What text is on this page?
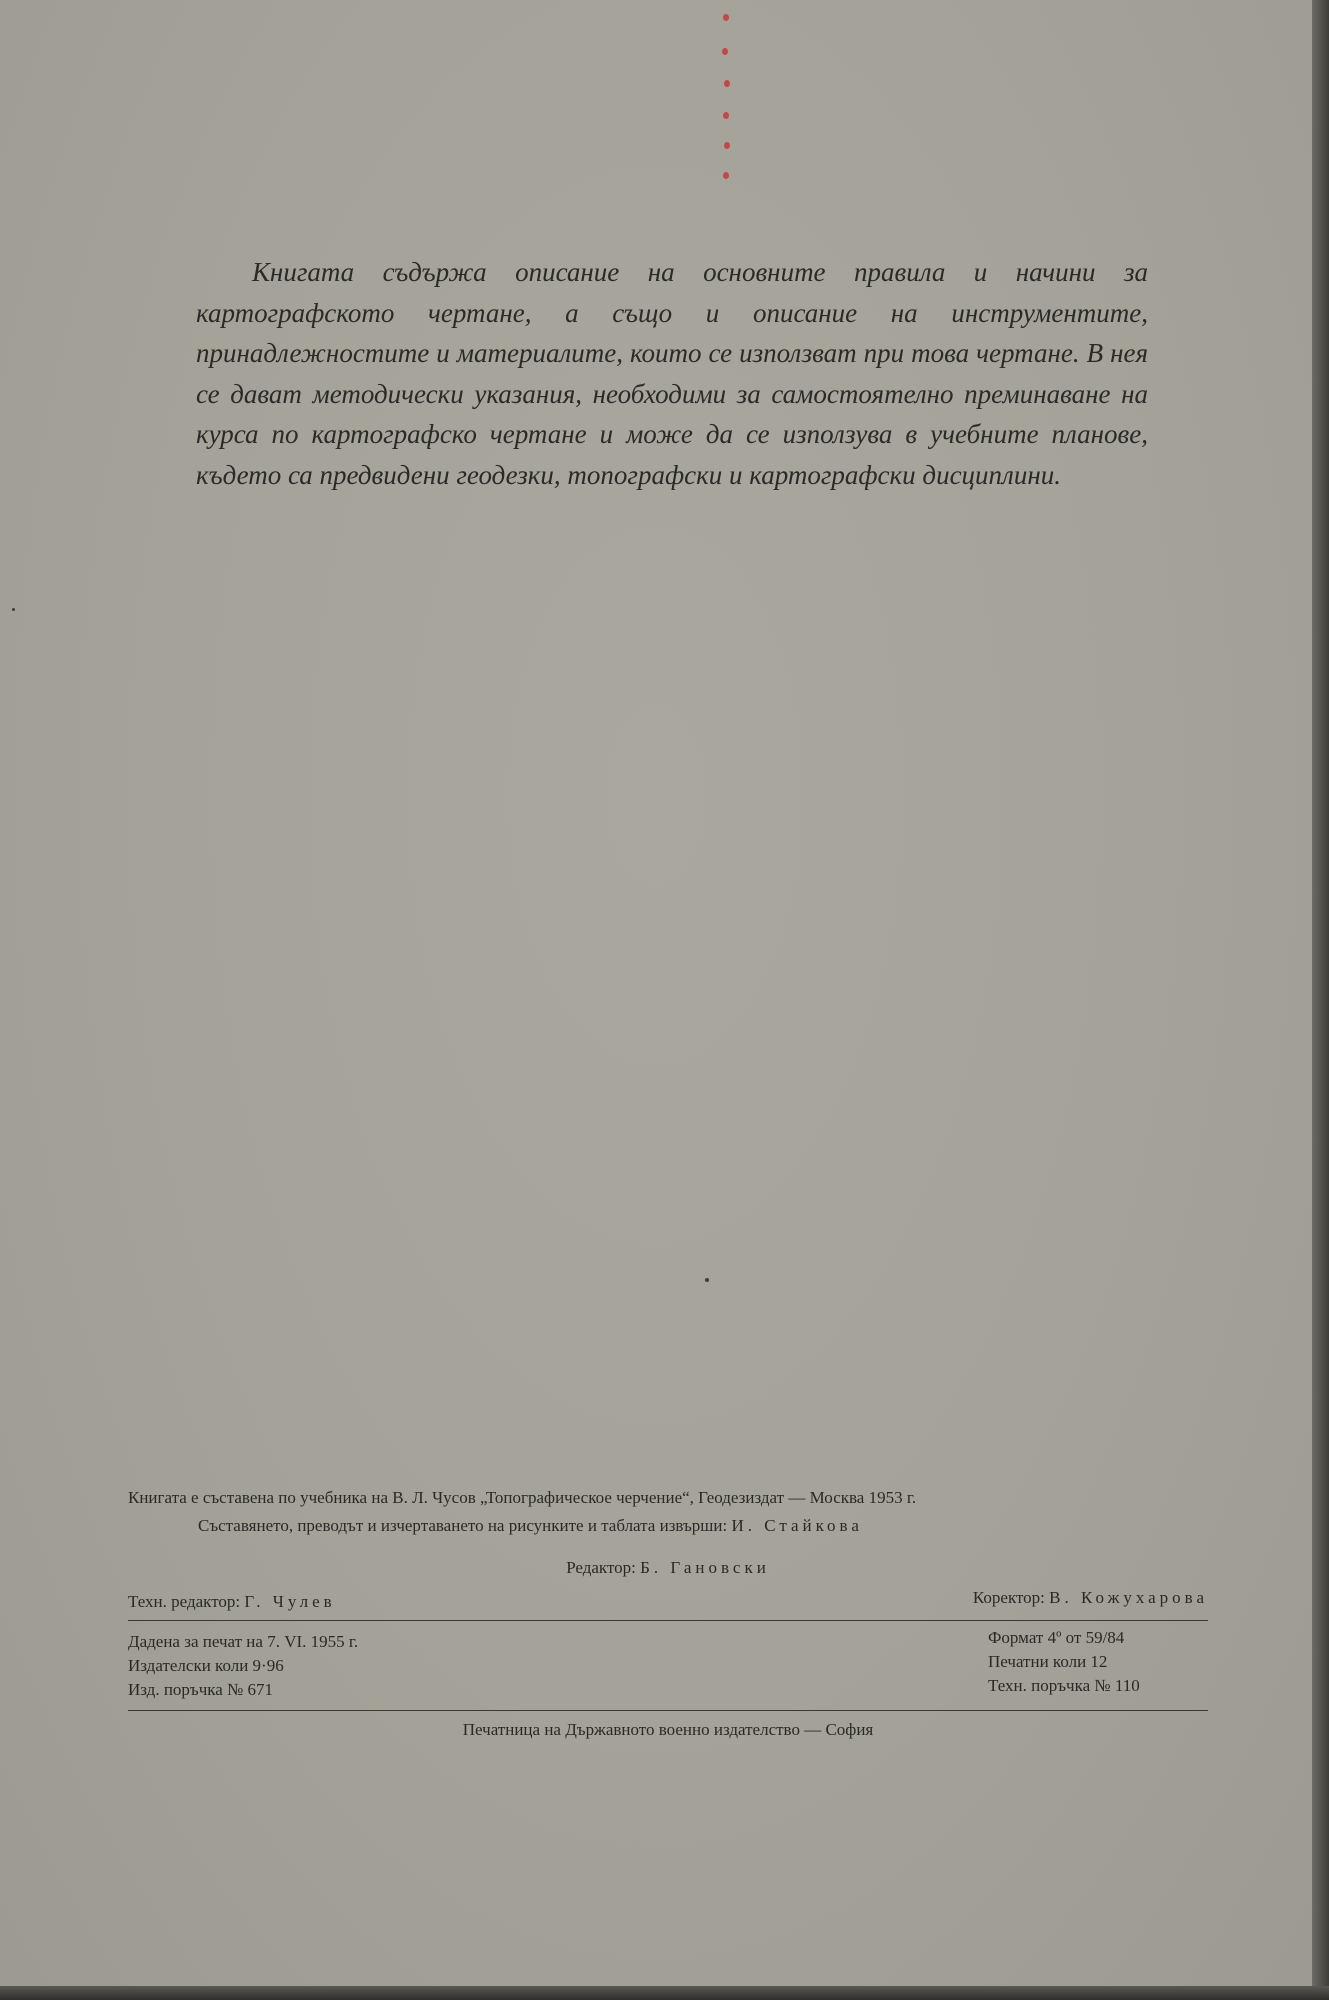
Книгата съдържа описание на основните правила и начини за картографското чертане, а също и описание на инструментите, принадлежностите и материалите, които се използват при това чертане. В нея се дават методически указания, необходими за самостоятелно преминаване на курса по картографско чертане и може да се използува в учебните планове, където са предвидени геодезки, топографски и картографски дисциплини.

Книгата е съставена по учебника на В. Л. Чусов „Топографическое черчение“, Геодезиздат — Москва 1953 г.
Съставянето, преводът и изчертаването на рисунките и таблата извърши: И. Стайкова
Редактор: Б. Гановски
Техн. редактор: Г. Чулев	Коректор: В. Кожухарова
Дадена за печат на 7. VI. 1955 г.
Издателски коли 9·96
Изд. поръчка № 671
Формат 4º от 59/84
Печатни коли 12
Техн. поръчка № 110
Печатница на Държавното военно издателство — София
